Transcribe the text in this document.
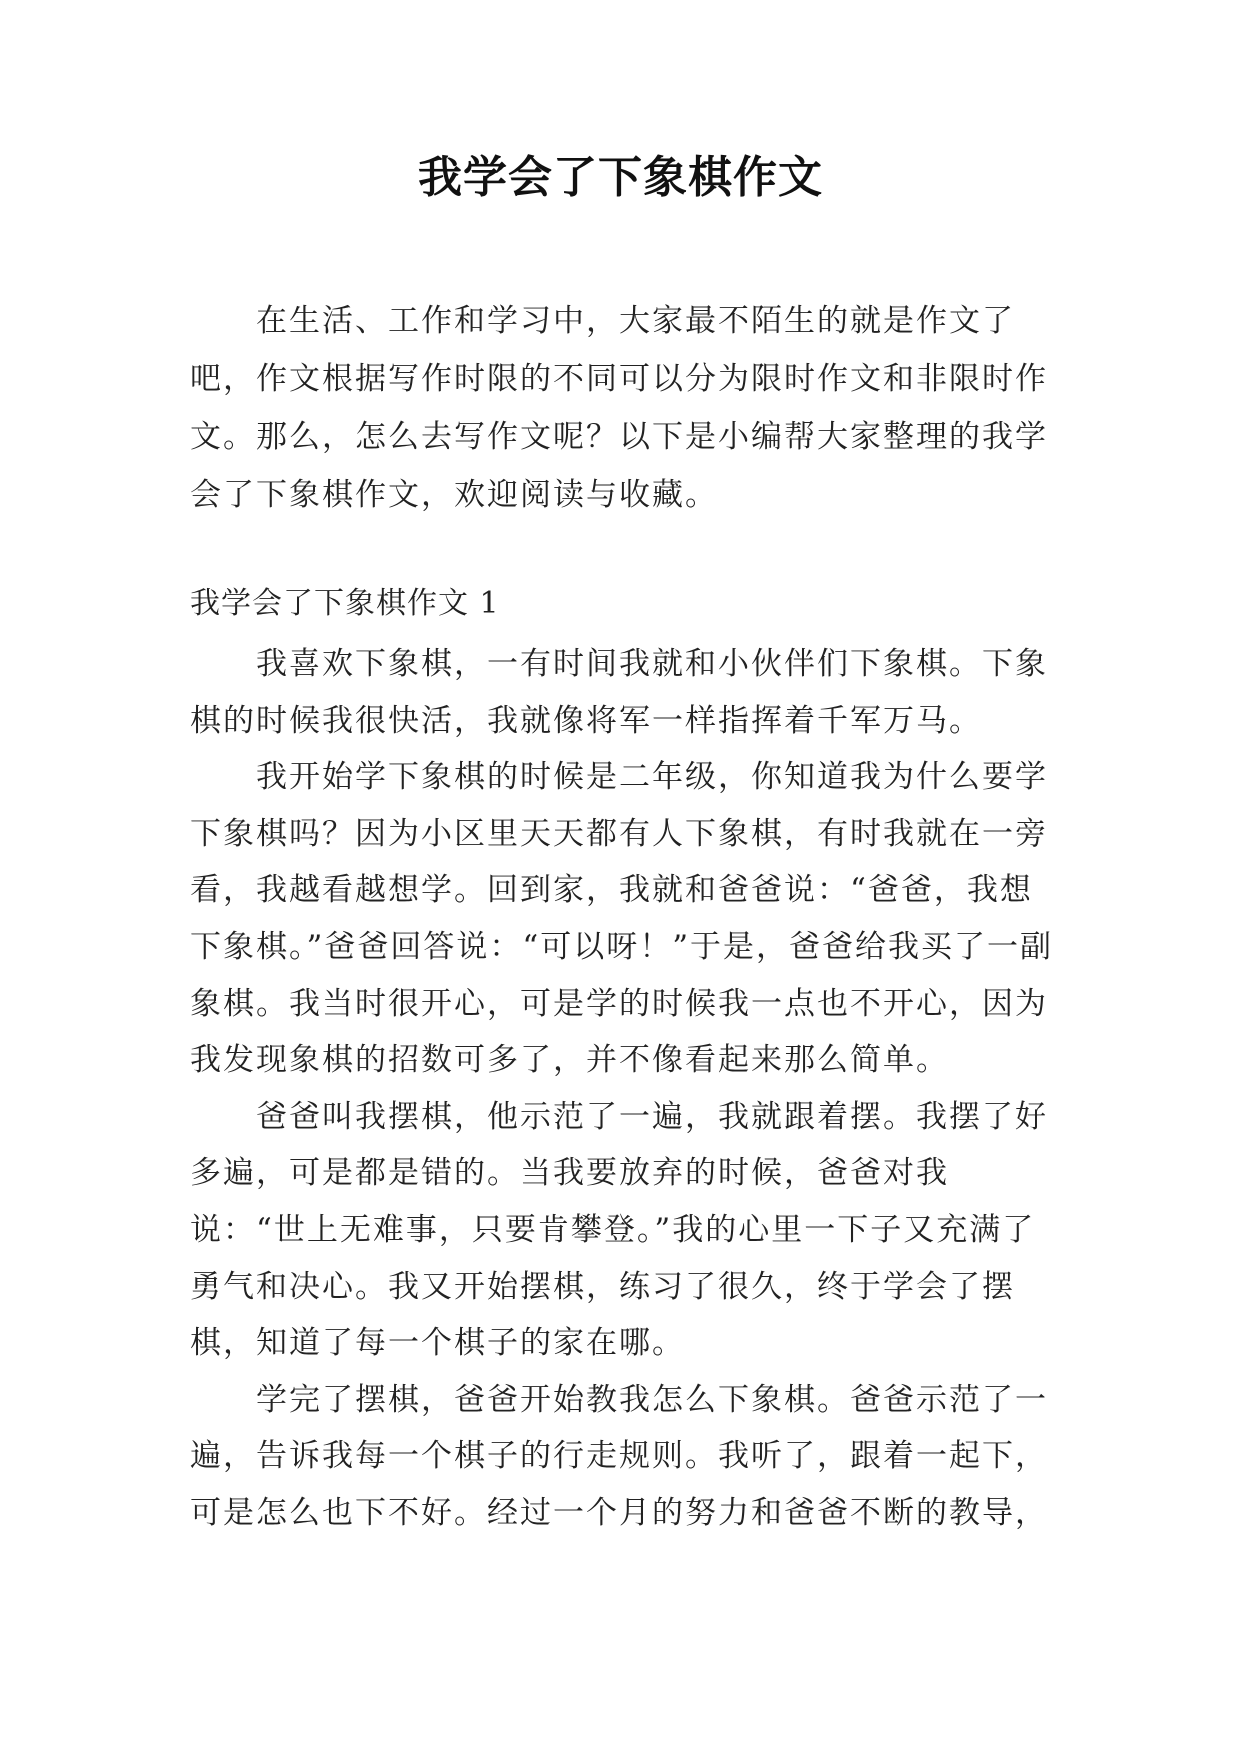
我学会了下象棋作文

在生活、工作和学习中，大家最不陌生的就是作文了吧，作文根据写作时限的不同可以分为限时作文和非限时作文。那么，怎么去写作文呢？以下是小编帮大家整理的我学会了下象棋作文，欢迎阅读与收藏。

我学会了下象棋作文 1

我喜欢下象棋，一有时间我就和小伙伴们下象棋。下象棋的时候我很快活，我就像将军一样指挥着千军万马。

我开始学下象棋的时候是二年级，你知道我为什么要学下象棋吗？因为小区里天天都有人下象棋，有时我就在一旁看，我越看越想学。回到家，我就和爸爸说：“爸爸，我想下象棋。”爸爸回答说：“可以呀！”于是，爸爸给我买了一副象棋。我当时很开心，可是学的时候我一点也不开心，因为我发现象棋的招数可多了，并不像看起来那么简单。

爸爸叫我摆棋，他示范了一遍，我就跟着摆。我摆了好多遍，可是都是错的。当我要放弃的时候，爸爸对我说：“世上无难事，只要肯攀登。”我的心里一下子又充满了勇气和决心。我又开始摆棋，练习了很久，终于学会了摆棋，知道了每一个棋子的家在哪。

学完了摆棋，爸爸开始教我怎么下象棋。爸爸示范了一遍，告诉我每一个棋子的行走规则。我听了，跟着一起下，可是怎么也下不好。经过一个月的努力和爸爸不断的教导，
